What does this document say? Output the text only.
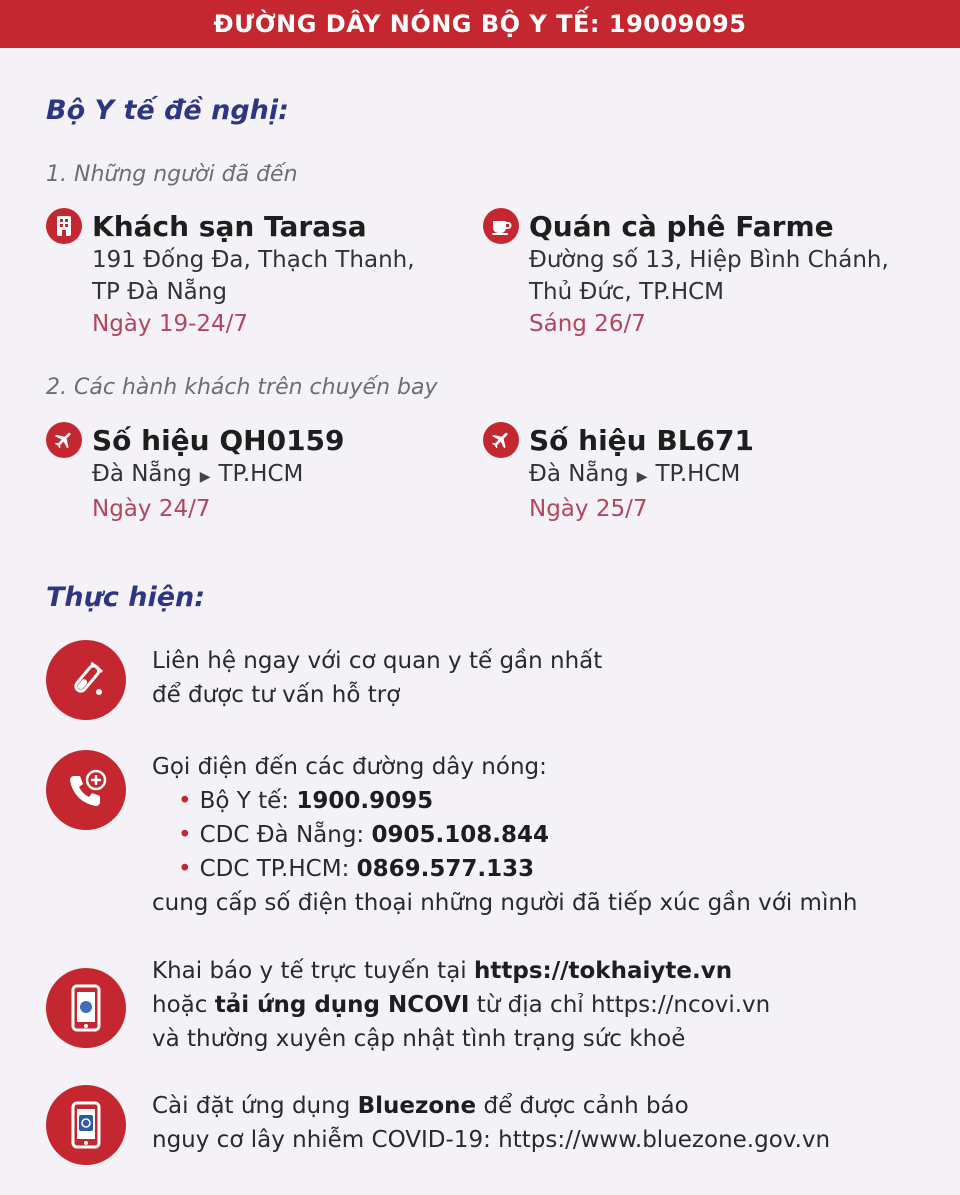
ĐƯỜNG DÂY NÓNG BỘ Y TẾ: 19009095
Bộ Y tế đề nghị:
1. Những người đã đến
Khách sạn Tarasa
191 Đống Đa, Thạch Thanh,
TP Đà Nẵng
Ngày 19-24/7
Quán cà phê Farme
Đường số 13, Hiệp Bình Chánh,
Thủ Đức, TP.HCM
Sáng 26/7
2. Các hành khách trên chuyến bay
Số hiệu QH0159
Đà Nẵng ▶ TP.HCM
Ngày 24/7
Số hiệu BL671
Đà Nẵng ▶ TP.HCM
Ngày 25/7
Thực hiện:
Liên hệ ngay với cơ quan y tế gần nhất
để được tư vấn hỗ trợ
Gọi điện đến các đường dây nóng:
• Bộ Y tế: 1900.9095
• CDC Đà Nẵng: 0905.108.844
• CDC TP.HCM: 0869.577.133
cung cấp số điện thoại những người đã tiếp xúc gần với mình
Khai báo y tế trực tuyến tại https://tokhaiyte.vn
hoặc tải ứng dụng NCOVI từ địa chỉ https://ncovi.vn
và thường xuyên cập nhật tình trạng sức khoẻ
Cài đặt ứng dụng Bluezone để được cảnh báo
nguy cơ lây nhiễm COVID-19: https://www.bluezone.gov.vn
